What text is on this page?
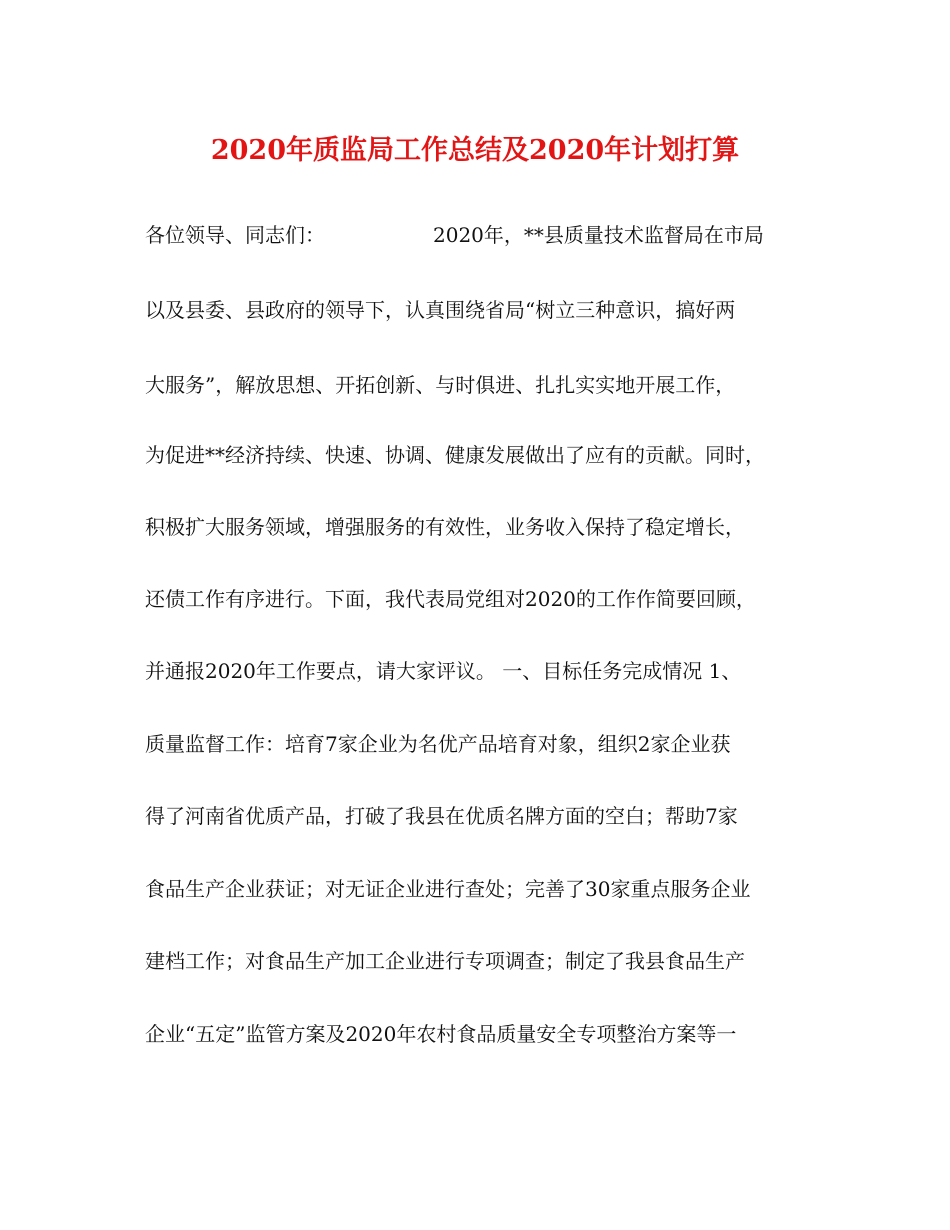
2020年质监局工作总结及2020年计划打算
各位领导、同志们：	2020年，**县质量技术监督局在市局
以及县委、县政府的领导下，认真围绕省局“树立三种意识，搞好两
大服务”，解放思想、开拓创新、与时俱进、扎扎实实地开展工作，
为促进**经济持续、快速、协调、健康发展做出了应有的贡献。同时，
积极扩大服务领域，增强服务的有效性，业务收入保持了稳定增长，
还债工作有序进行。下面，我代表局党组对2020的工作作简要回顾，
并通报2020年工作要点，请大家评议。 一、目标任务完成情况 1、
质量监督工作：培育7家企业为名优产品培育对象，组织2家企业获
得了河南省优质产品，打破了我县在优质名牌方面的空白；帮助7家
食品生产企业获证；对无证企业进行查处；完善了30家重点服务企业
建档工作；对食品生产加工企业进行专项调查；制定了我县食品生产
企业“五定”监管方案及2020年农村食品质量安全专项整治方案等一
